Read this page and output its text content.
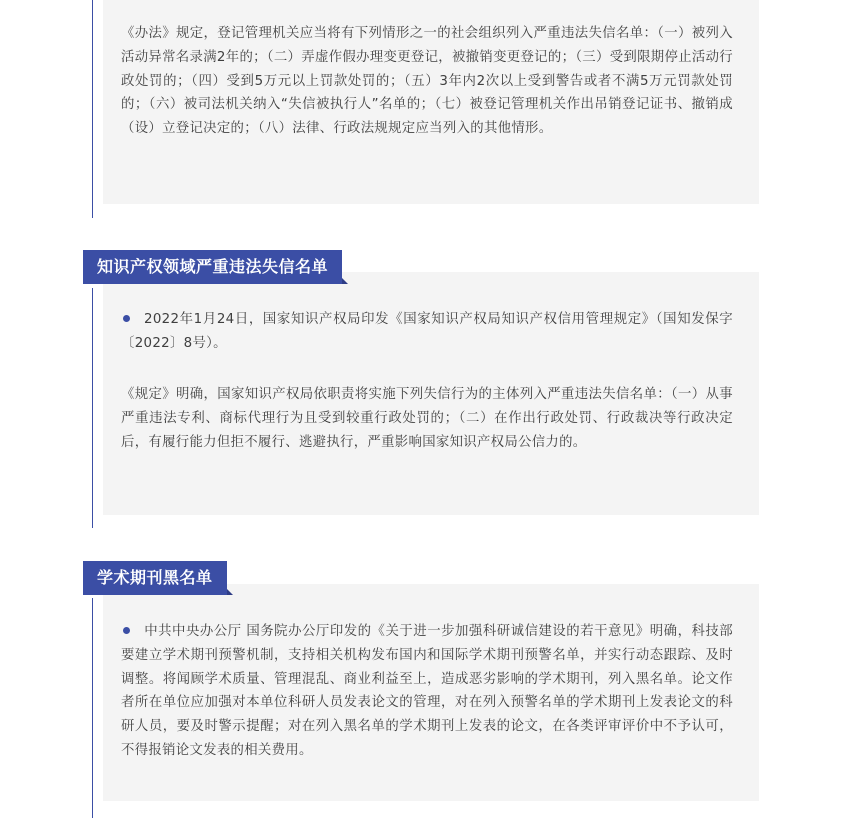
《办法》规定，登记管理机关应当将有下列情形之一的社会组织列入严重违法失信名单：（一）被列入活动异常名录满2年的；（二）弄虚作假办理变更登记，被撤销变更登记的；（三）受到限期停止活动行政处罚的；（四）受到5万元以上罚款处罚的；（五）3年内2次以上受到警告或者不满5万元罚款处罚的；（六）被司法机关纳入“失信被执行人”名单的；（七）被登记管理机关作出吊销登记证书、撤销成（设）立登记决定的；（八）法律、行政法规规定应当列入的其他情形。
知识产权领域严重违法失信名单
2022年1月24日，国家知识产权局印发《国家知识产权局知识产权信用管理规定》（国知发保字〔2022〕8号）。
《规定》明确，国家知识产权局依职责将实施下列失信行为的主体列入严重违法失信名单：（一）从事严重违法专利、商标代理行为且受到较重行政处罚的；（二）在作出行政处罚、行政裁决等行政决定后，有履行能力但拒不履行、逃避执行，严重影响国家知识产权局公信力的。
学术期刊黑名单
中共中央办公厅 国务院办公厅印发的《关于进一步加强科研诚信建设的若干意见》明确，科技部要建立学术期刊预警机制，支持相关机构发布国内和国际学术期刊预警名单，并实行动态跟踪、及时调整。将闻顾学术质量、管理混乱、商业利益至上，造成恶劣影响的学术期刊，列入黑名单。论文作者所在单位应加强对本单位科研人员发表论文的管理，对在列入预警名单的学术期刊上发表论文的科研人员，要及时警示提醒；对在列入黑名单的学术期刊上发表的论文，在各类评审评价中不予认可，不得报销论文发表的相关费用。
